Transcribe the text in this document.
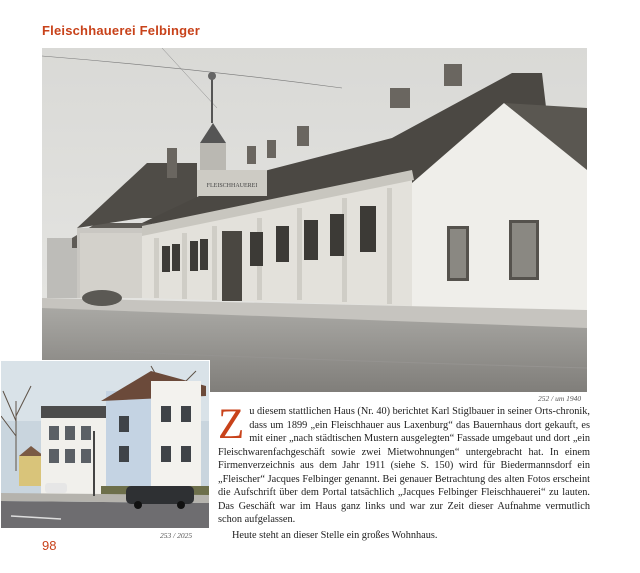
Fleischhauerei Felbinger
FLEISCHHAUEREI
252 / um 1940
253 / 2025

Zu diesem stattlichen Haus (Nr. 40) berichtet Karl Stiglbauer in seiner Orts-chronik, dass um 1899 „ein Fleischhauer aus Laxenburg“ das Bauernhaus dort gekauft, es mit einer „nach städtischen Mustern ausgelegten“ Fassade umgebaut und dort „ein Fleischwarenfachgeschäft sowie zwei Mietwohnungen“ untergebracht hat. In einem Firmenverzeichnis aus dem Jahr 1911 (siehe S. 150) wird für Biedermannsdorf ein „Fleischer“ Jacques Felbinger genannt. Bei genauer Betrachtung des alten Fotos erscheint die Aufschrift über dem Portal tatsächlich „Jacques Felbinger Fleischhauerei“ zu lauten. Das Geschäft war im Haus ganz links und war zur Zeit dieser Aufnahme vermutlich schon aufgelassen.

Heute steht an dieser Stelle ein großes Wohnhaus.

98
